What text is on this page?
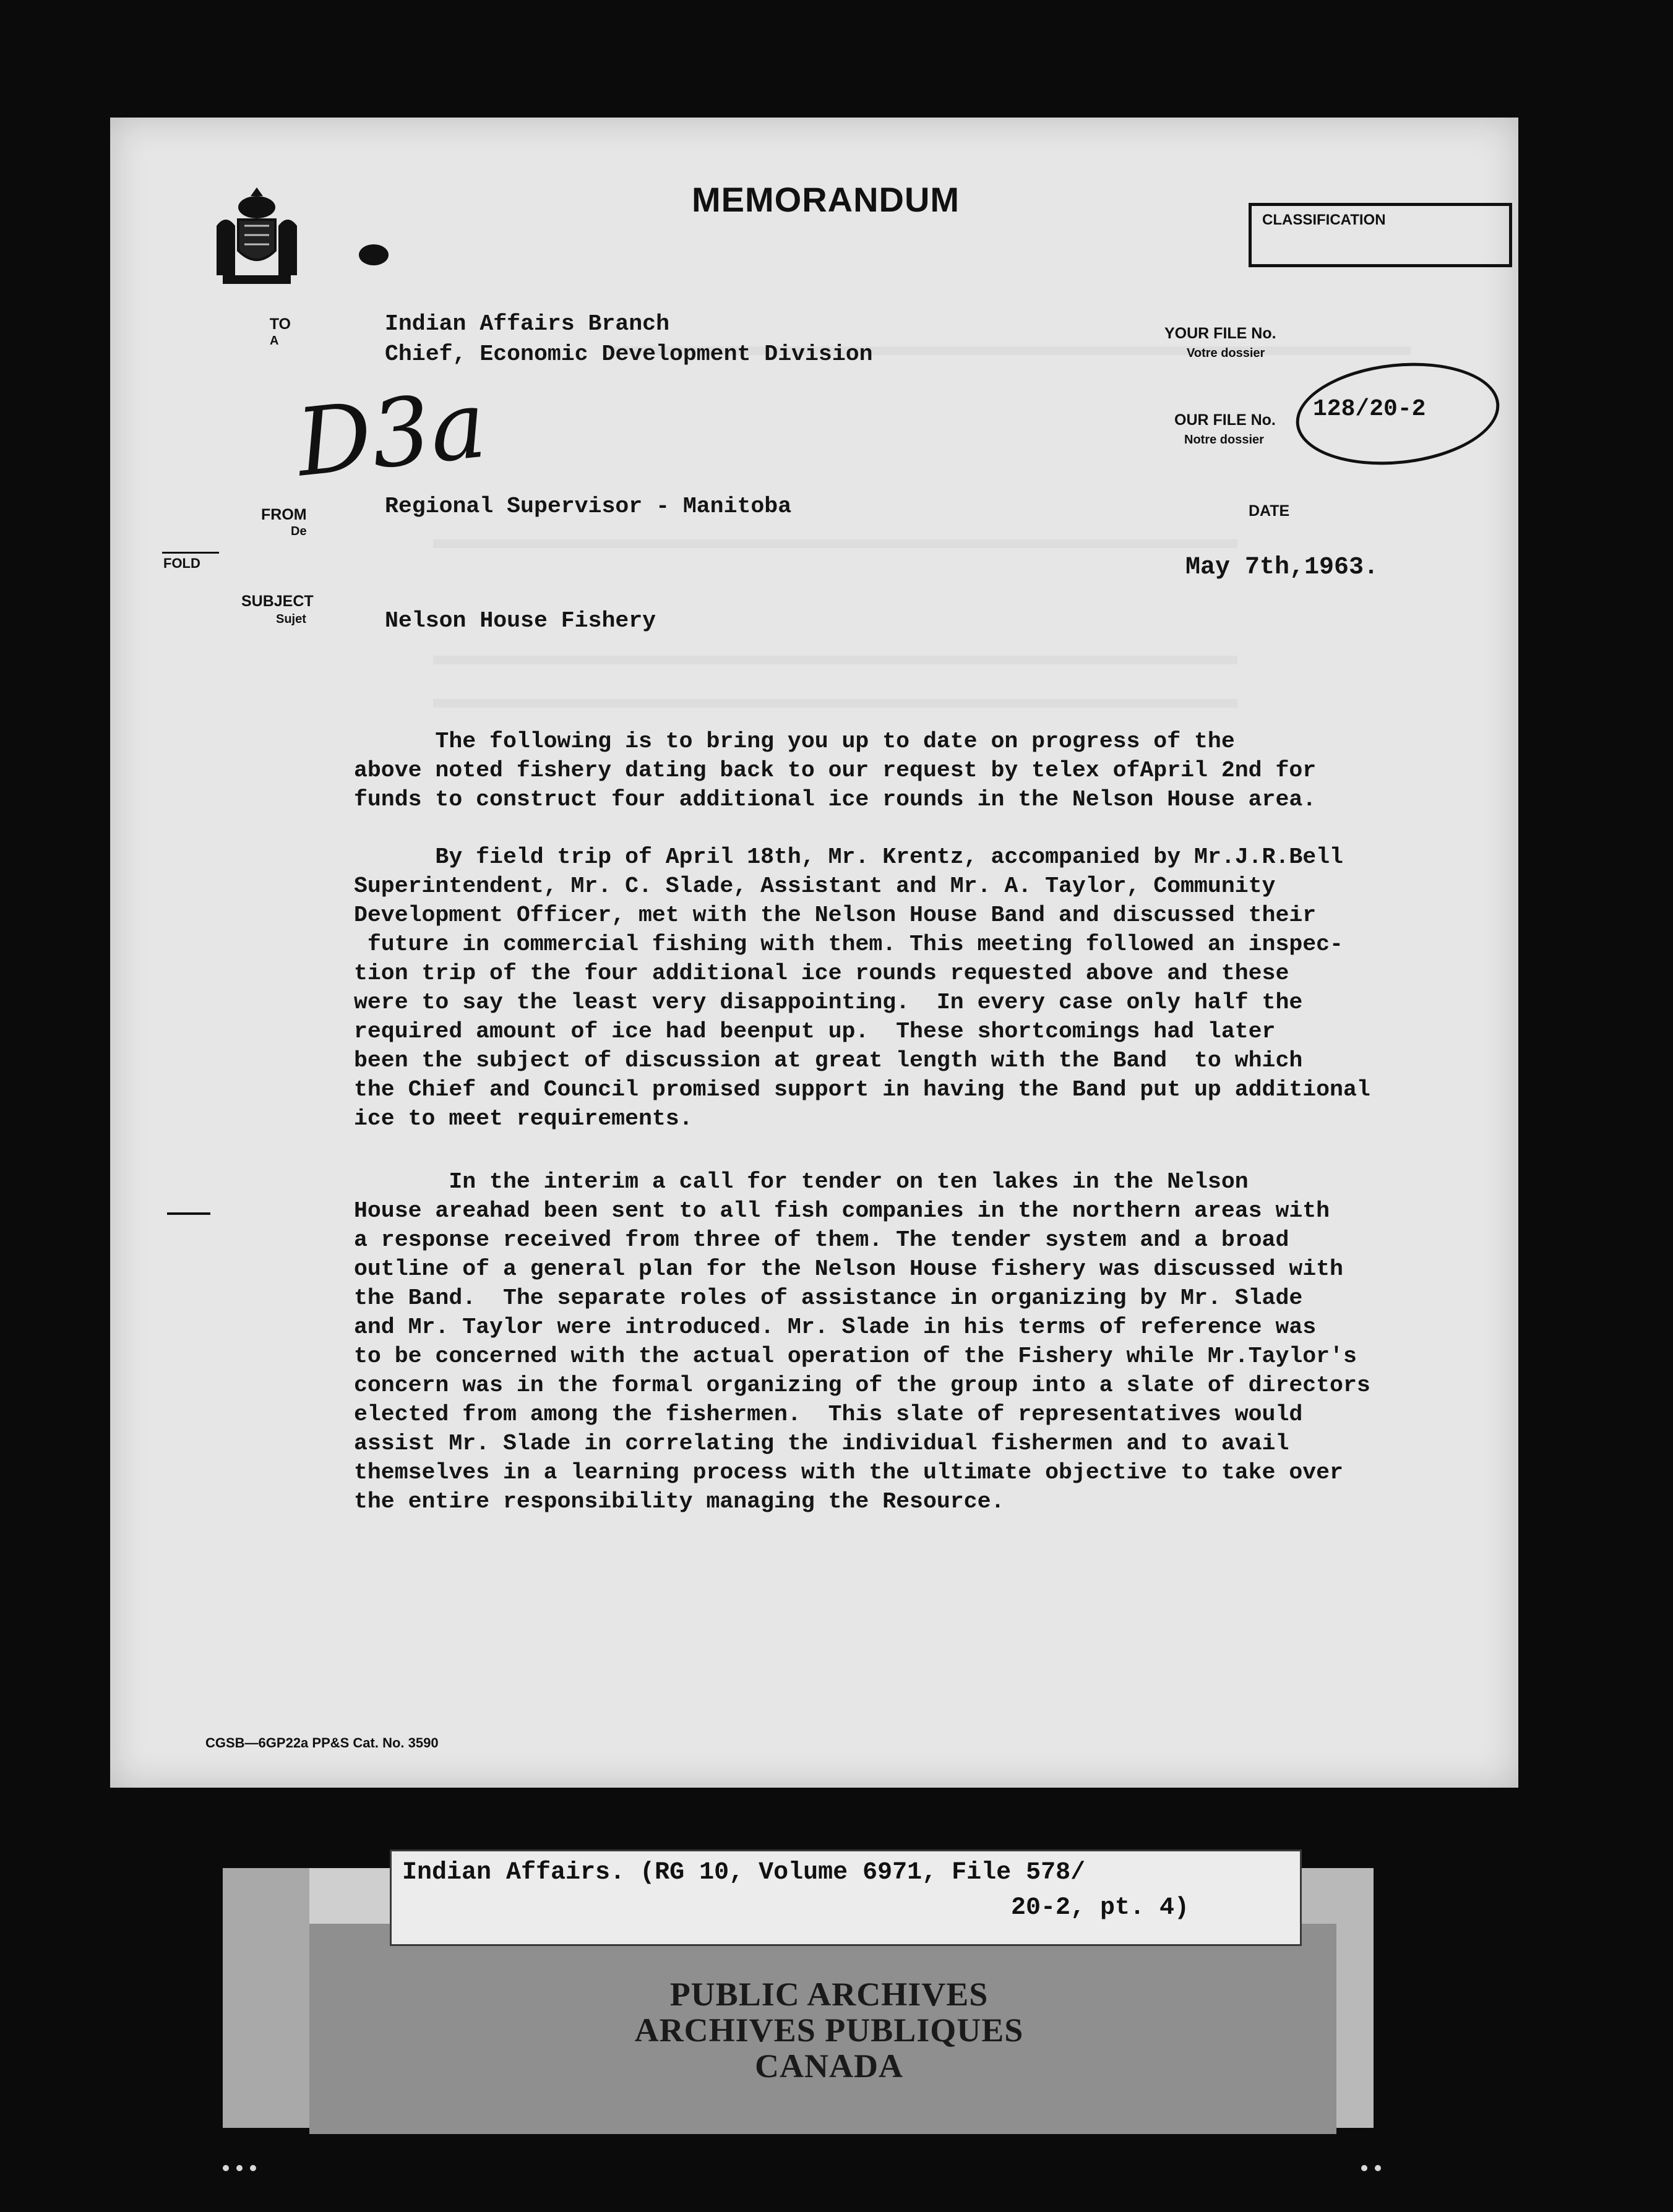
MEMORANDUM
CLASSIFICATION
TO
A
Indian Affairs Branch
Chief, Economic Development Division
YOUR FILE No.
Votre dossier
OUR FILE No.
Notre dossier
128/20-2
D3a
FROM
De
Regional Supervisor - Manitoba	DATE
May 7th,1963.
FOLD
SUBJECT
Sujet	Nelson House Fishery
The following is to bring you up to date on progress of the
above noted fishery dating back to our request by telex ofApril 2nd for
funds to construct four additional ice rounds in the Nelson House area.
By field trip of April 18th, Mr. Krentz, accompanied by Mr.J.R.Bell
Superintendent, Mr. C. Slade, Assistant and Mr. A. Taylor, Community
Development Officer, met with the Nelson House Band and discussed their
future in commercial fishing with them. This meeting followed an inspec-
tion trip of the four additional ice rounds requested above and these
were to say the least very disappointing.  In every case only half the
required amount of ice had beenput up.  These shortcomings had later
been the subject of discussion at great length with the Band  to which
the Chief and Council promised support in having the Band put up additional
ice to meet requirements.
In the interim a call for tender on ten lakes in the Nelson
House areahad been sent to all fish companies in the northern areas with
a response received from three of them. The tender system and a broad
outline of a general plan for the Nelson House fishery was discussed with
the Band.  The separate roles of assistance in organizing by Mr. Slade
and Mr. Taylor were introduced. Mr. Slade in his terms of reference was
to be concerned with the actual operation of the Fishery while Mr.Taylor's
concern was in the formal organizing of the group into a slate of directors
elected from among the fishermen.  This slate of representatives would
assist Mr. Slade in correlating the individual fishermen and to avail
themselves in a learning process with the ultimate objective to take over
the entire responsibility managing the Resource.
CGSB—6GP22a PP&S Cat. No. 3590
Indian Affairs. (RG 10, Volume 6971, File 578/
20-2, pt. 4)
PUBLIC ARCHIVES
ARCHIVES PUBLIQUES
CANADA
